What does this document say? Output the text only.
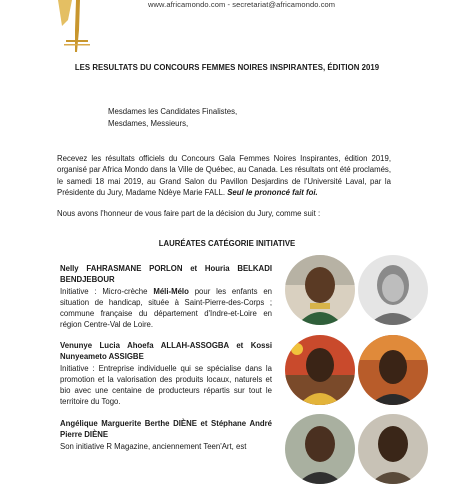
www.africamondo.com - secretariat@africamondo.com
LES RESULTATS DU CONCOURS FEMMES NOIRES INSPIRANTES, ÉDITION 2019
Mesdames les Candidates Finalistes,
Mesdames, Messieurs,
Recevez les résultats officiels du Concours Gala Femmes Noires Inspirantes, édition 2019, organisé par Africa Mondo dans la Ville de Québec, au Canada. Les résultats ont été proclamés, le samedi 18 mai 2019, au Grand Salon du Pavillon Desjardins de l'Université Laval, par la Présidente du Jury, Madame Ndèye Marie FALL. Seul le prononcé fait foi.
Nous avons l'honneur de vous faire part de la décision du Jury, comme suit :
LAURÉATES CATÉGORIE INITIATIVE
Nelly FAHRASMANE PORLON et Houria BELKADI BENDJEBOUR
Initiative : Micro-crèche Méli-Mélo pour les enfants en situation de handicap, située à Saint-Pierre-des-Corps ; commune française du département d'Indre-et-Loire en région Centre-Val de Loire.
Venunye Lucia Ahoefa ALLAH-ASSOGBA et Kossi Nunyeameto ASSIGBE
Initiative : Entreprise individuelle qui se spécialise dans la promotion et la valorisation des produits locaux, naturels et bio avec une centaine de producteurs répartis sur tout le territoire du Togo.
Angélique Marguerite Berthe DIÈNE et Stéphane André Pierre DIÈNE
Son initiative R Magazine, anciennement Teen'Art, est
